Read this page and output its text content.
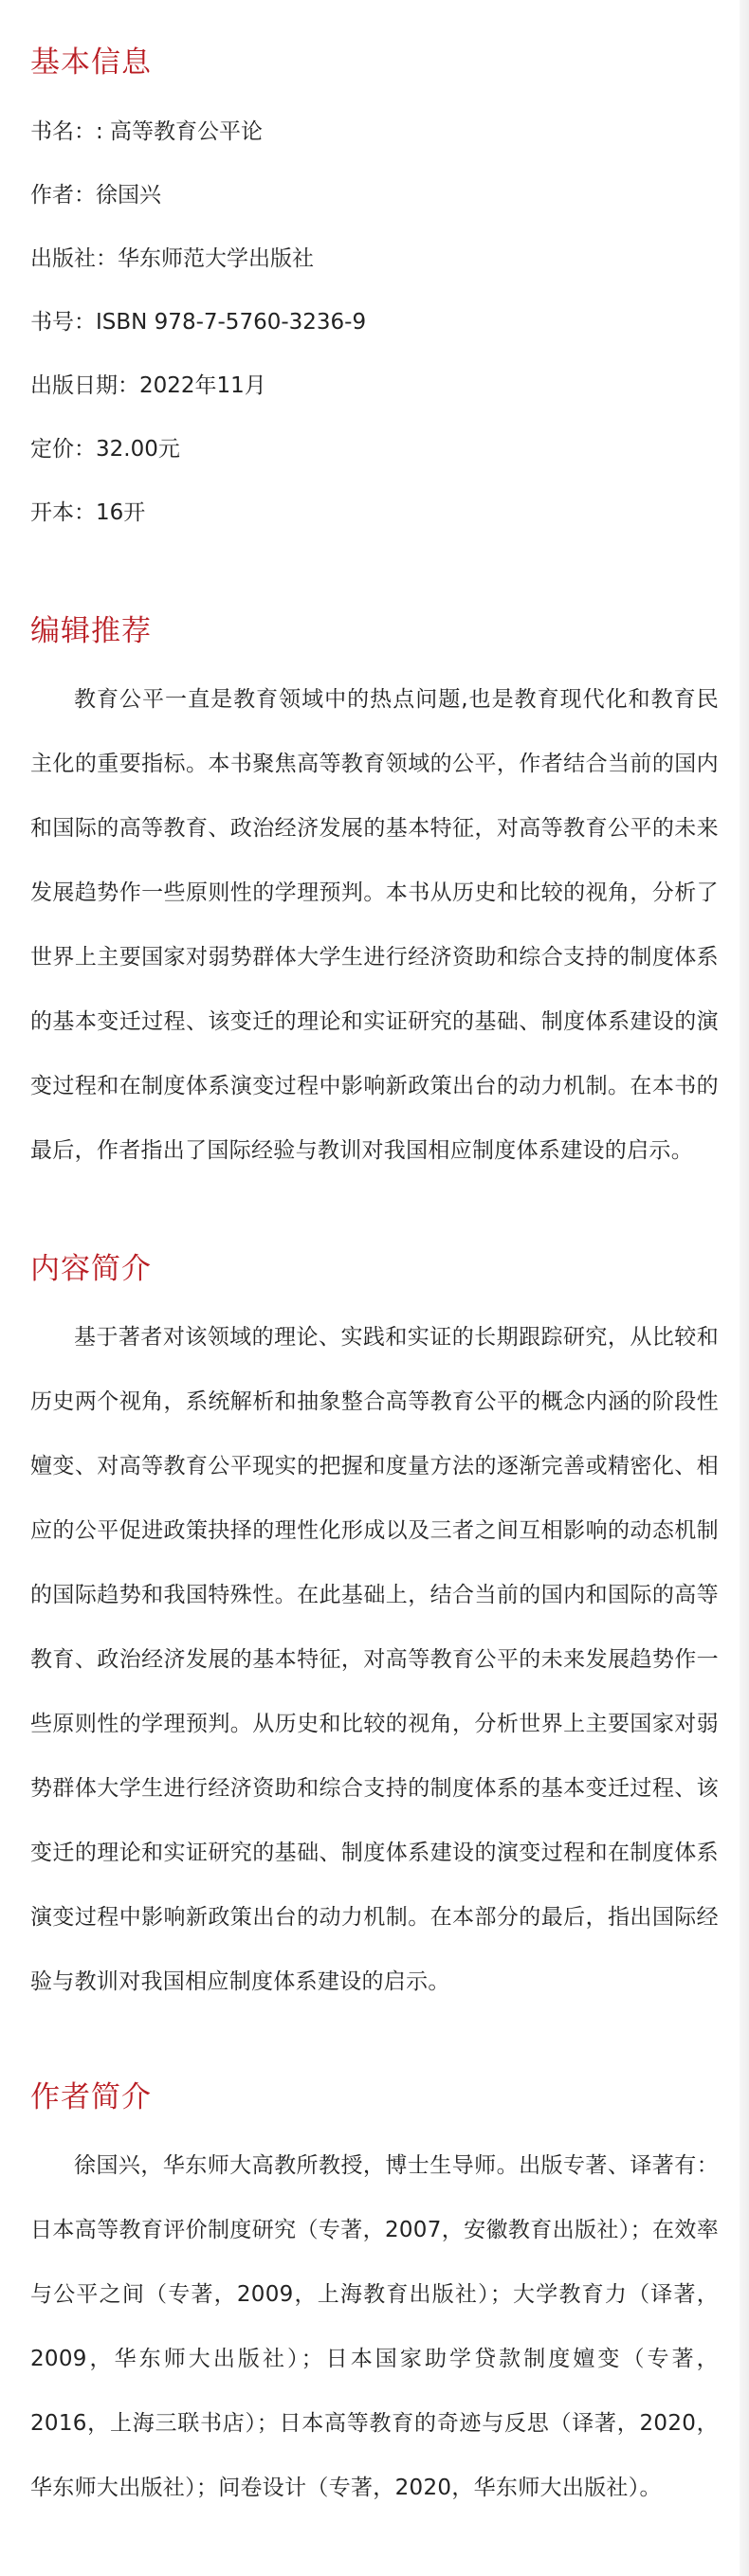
基本信息

书名：: 高等教育公平论

作者：徐国兴

出版社：华东师范大学出版社

书号：ISBN 978-7-5760-3236-9

出版日期：2022年11月

定价：32.00元

开本：16开

编辑推荐

教育公平一直是教育领域中的热点问题,也是教育现代化和教育民主化的重要指标。本书聚焦高等教育领域的公平，作者结合当前的国内和国际的高等教育、政治经济发展的基本特征，对高等教育公平的未来发展趋势作一些原则性的学理预判。本书从历史和比较的视角，分析了世界上主要国家对弱势群体大学生进行经济资助和综合支持的制度体系的基本变迁过程、该变迁的理论和实证研究的基础、制度体系建设的演变过程和在制度体系演变过程中影响新政策出台的动力机制。在本书的最后，作者指出了国际经验与教训对我国相应制度体系建设的启示。

内容简介

基于著者对该领域的理论、实践和实证的长期跟踪研究，从比较和历史两个视角，系统解析和抽象整合高等教育公平的概念内涵的阶段性嬗变、对高等教育公平现实的把握和度量方法的逐渐完善或精密化、相应的公平促进政策抉择的理性化形成以及三者之间互相影响的动态机制的国际趋势和我国特殊性。在此基础上，结合当前的国内和国际的高等教育、政治经济发展的基本特征，对高等教育公平的未来发展趋势作一些原则性的学理预判。从历史和比较的视角，分析世界上主要国家对弱势群体大学生进行经济资助和综合支持的制度体系的基本变迁过程、该变迁的理论和实证研究的基础、制度体系建设的演变过程和在制度体系演变过程中影响新政策出台的动力机制。在本部分的最后，指出国际经验与教训对我国相应制度体系建设的启示。

作者简介

徐国兴，华东师大高教所教授，博士生导师。出版专著、译著有：日本高等教育评价制度研究（专著，2007，安徽教育出版社）；在效率与公平之间（专著，2009，上海教育出版社）；大学教育力（译著，2009，华东师大出版社）；日本国家助学贷款制度嬗变（专著，2016，上海三联书店）；日本高等教育的奇迹与反思（译著，2020，华东师大出版社）；问卷设计（专著，2020，华东师大出版社）。
